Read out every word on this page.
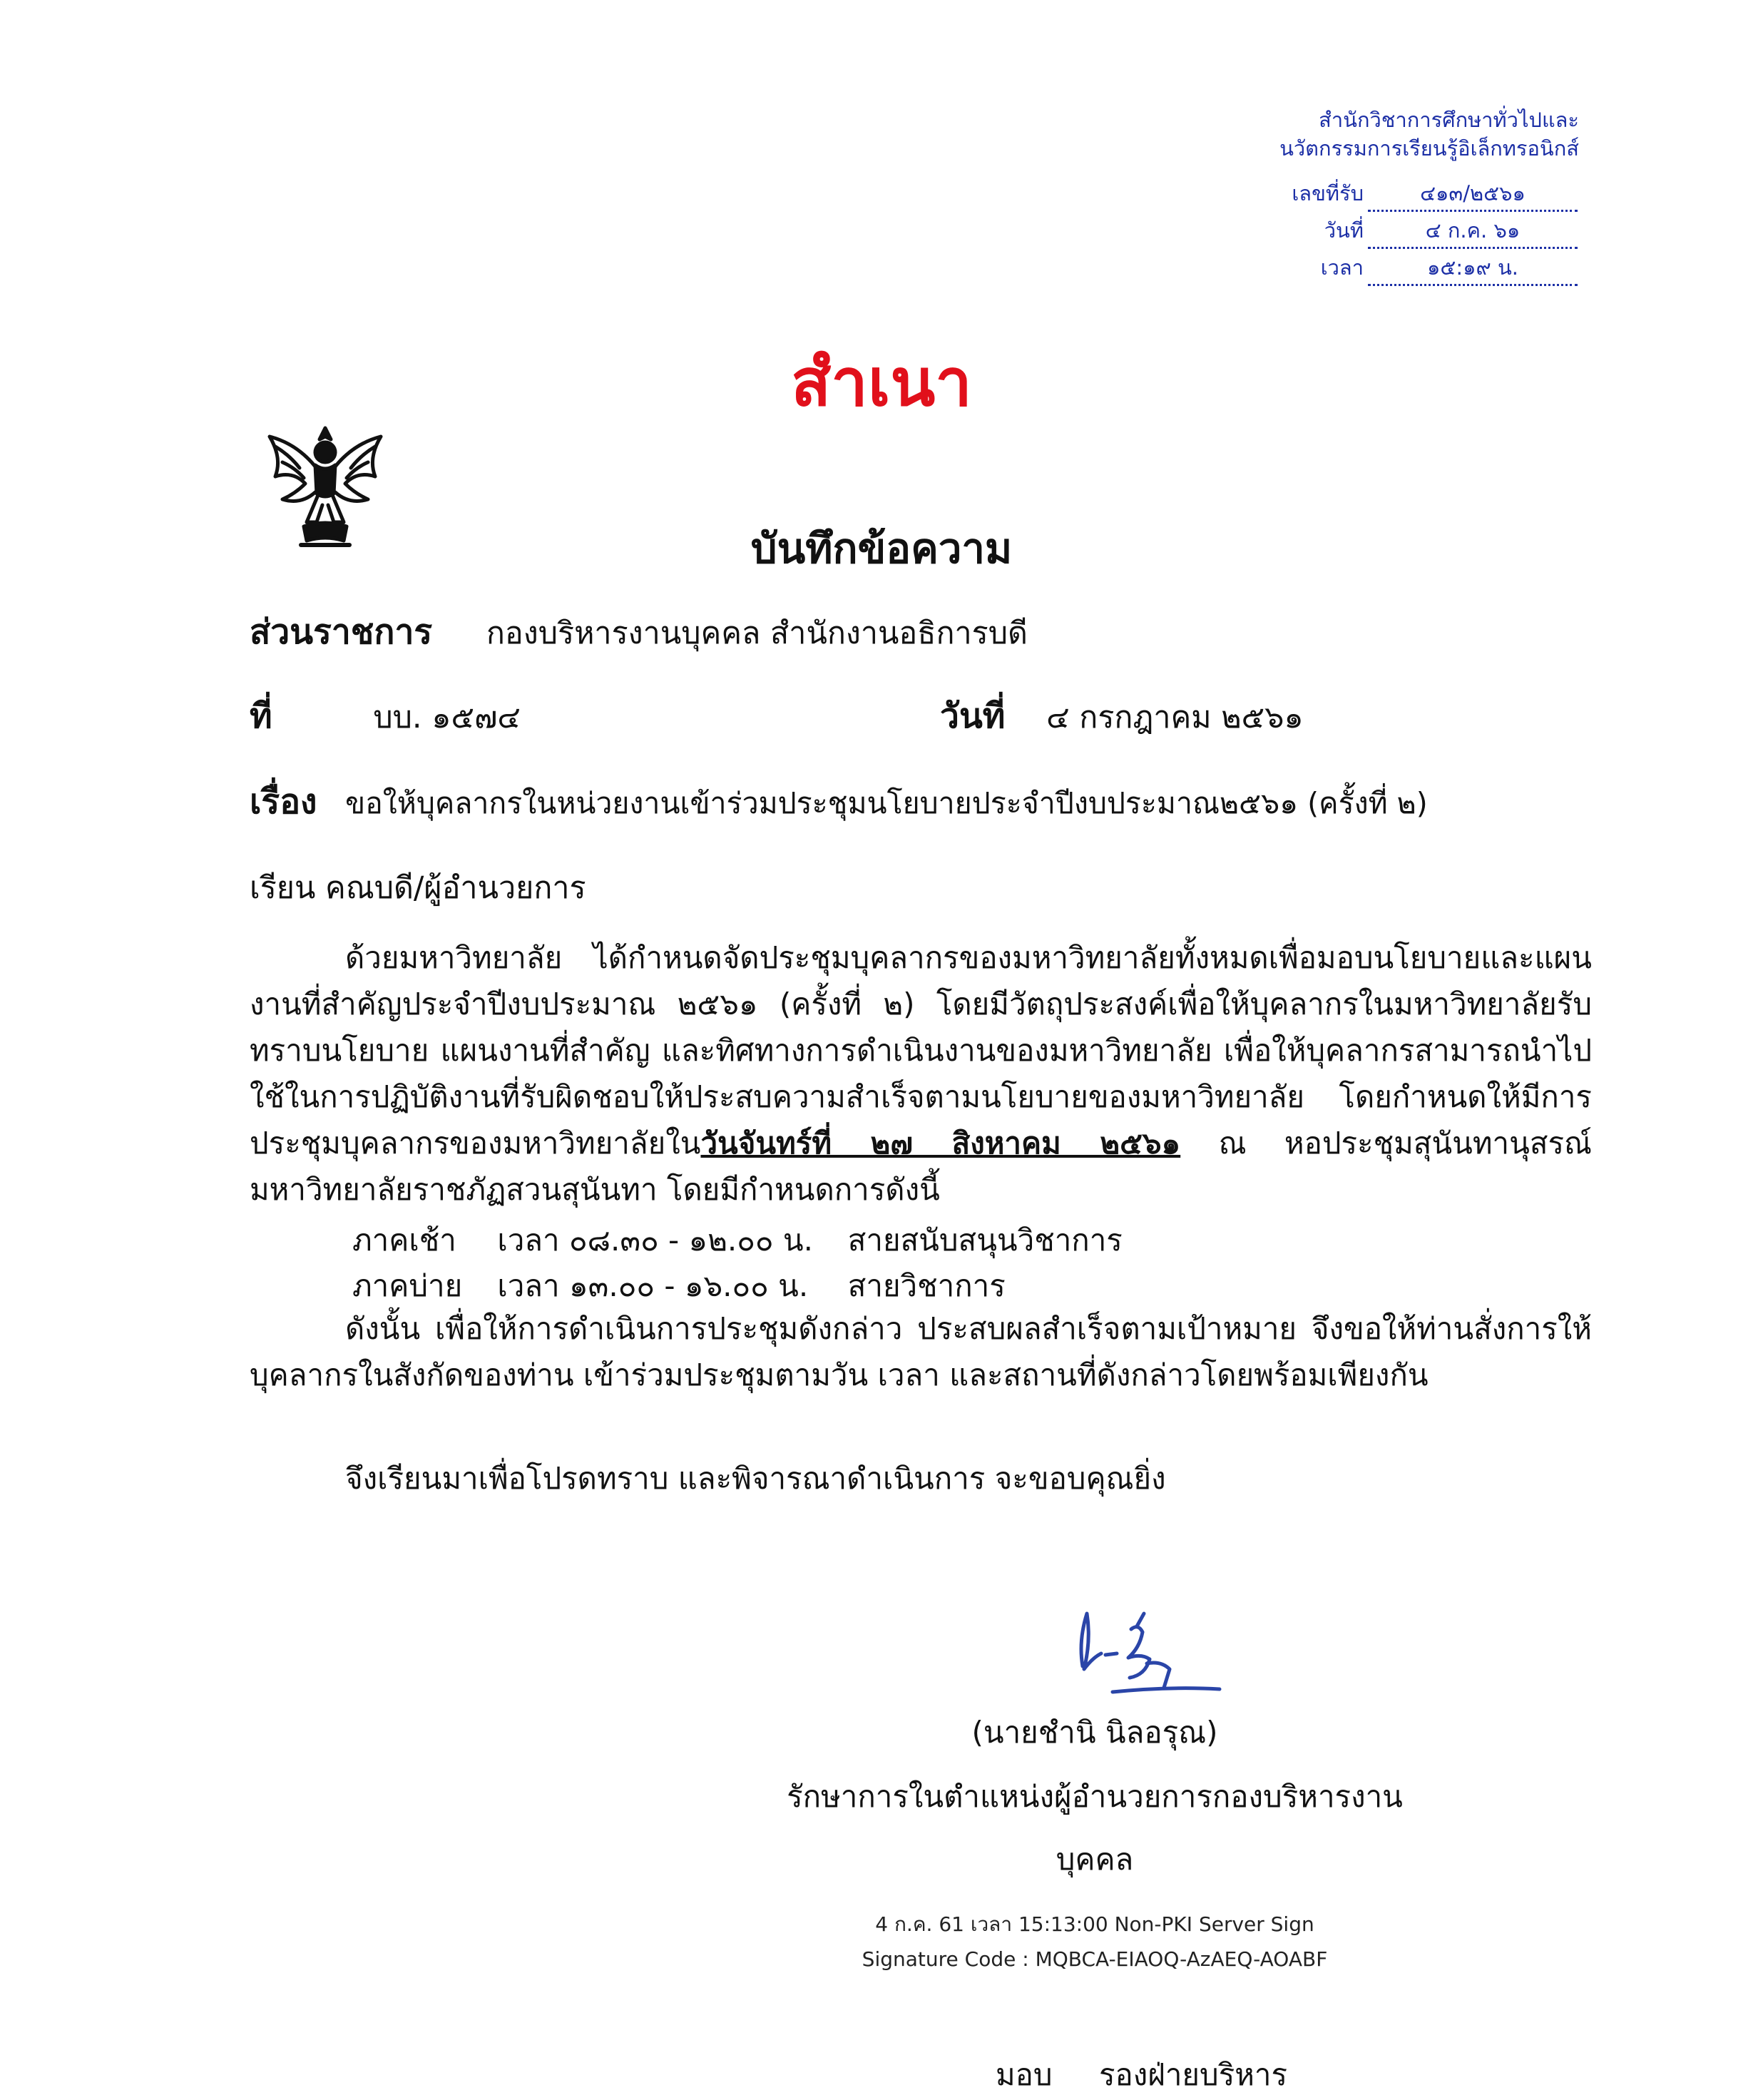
สำนักวิชาการศึกษาทั่วไปและ
นวัตกรรมการเรียนรู้อิเล็กทรอนิกส์
เลขที่รับ	๔๑๓/๒๕๖๑
วันที่	๔ ก.ค. ๖๑
เวลา	๑๕:๑๙ น.
สำเนา
บันทึกข้อความ
ส่วนราชการ กองบริหารงานบุคคล สำนักงานอธิการบดี
ที่	บบ. ๑๕๗๔	วันที่ ๔ กรกฎาคม ๒๕๖๑
เรื่อง ขอให้บุคลากรในหน่วยงานเข้าร่วมประชุมนโยบายประจำปีงบประมาณ๒๕๖๑ (ครั้งที่ ๒)
เรียน คณบดี/ผู้อำนวยการ
ด้วยมหาวิทยาลัย ได้กำหนดจัดประชุมบุคลากรของมหาวิทยาลัยทั้งหมดเพื่อมอบนโยบายและแผนงานที่สำคัญประจำปีงบประมาณ ๒๕๖๑ (ครั้งที่ ๒) โดยมีวัตถุประสงค์เพื่อให้บุคลากรในมหาวิทยาลัยรับทราบนโยบาย แผนงานที่สำคัญ และทิศทางการดำเนินงานของมหาวิทยาลัย เพื่อให้บุคลากรสามารถนำไปใช้ในการปฏิบัติงานที่รับผิดชอบให้ประสบความสำเร็จตามนโยบายของมหาวิทยาลัย โดยกำหนดให้มีการประชุมบุคลากรของมหาวิทยาลัยในวันจันทร์ที่ ๒๗ สิงหาคม ๒๕๖๑ ณ หอประชุมสุนันทานุสรณ์ มหาวิทยาลัยราชภัฏสวนสุนันทา โดยมีกำหนดการดังนี้
ภาคเช้า เวลา ๐๘.๓๐ - ๑๒.๐๐ น. สายสนับสนุนวิชาการ
ภาคบ่าย เวลา ๑๓.๐๐ - ๑๖.๐๐ น. สายวิชาการ
ดังนั้น เพื่อให้การดำเนินการประชุมดังกล่าว ประสบผลสำเร็จตามเป้าหมาย จึงขอให้ท่านสั่งการให้บุคลากรในสังกัดของท่าน เข้าร่วมประชุมตามวัน เวลา และสถานที่ดังกล่าวโดยพร้อมเพียงกัน
จึงเรียนมาเพื่อโปรดทราบ และพิจารณาดำเนินการ จะขอบคุณยิ่ง
(นายชำนิ นิลอรุณ)
รักษาการในตำแหน่งผู้อำนวยการกองบริหารงาน
บุคคล
4 ก.ค. 61 เวลา 15:13:00 Non-PKI Server Sign
Signature Code : MQBCA-EIAOQ-AzAEQ-AOABF
มอบ รองฝ่ายบริหาร
